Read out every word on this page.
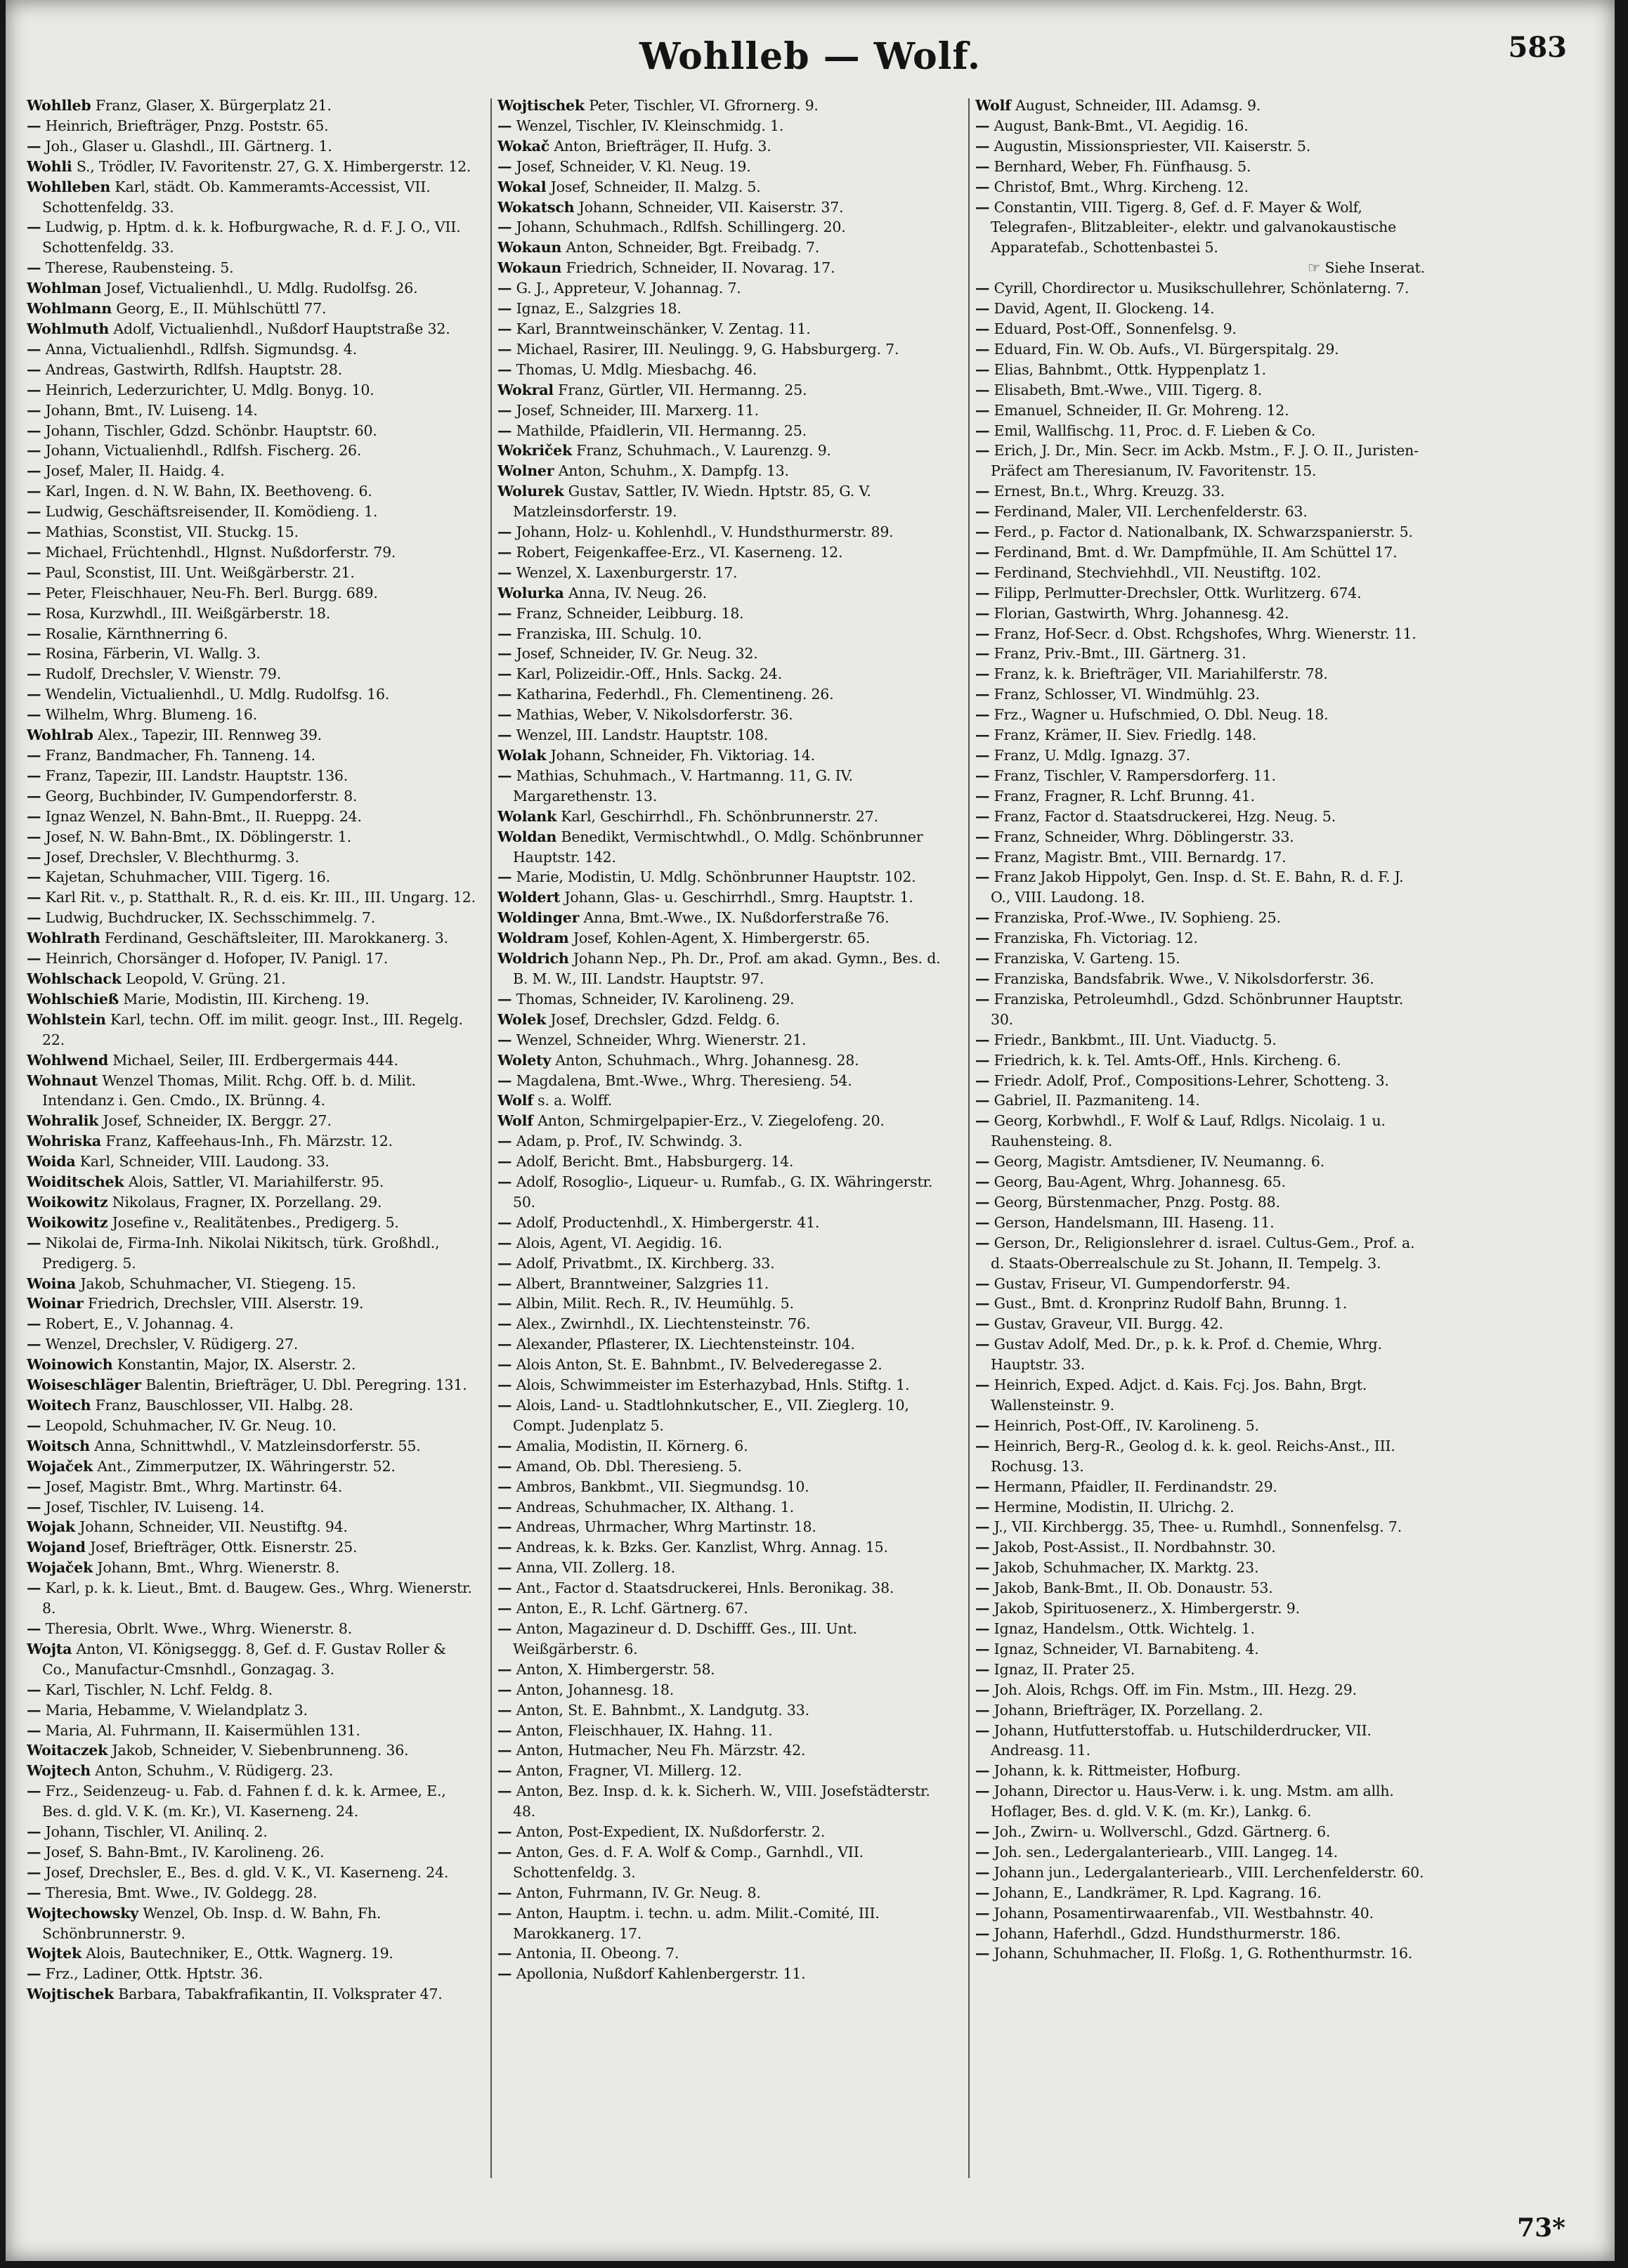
Wohlleb — Wolf.	583
Wohlleb Franz, Glaser, X. Bürgerplatz 21.
— Heinrich, Briefträger, Pnzg. Poststr. 65.
— Joh., Glaser u. Glashdl., III. Gärtnerg. 1.
Wohli S., Trödler, IV. Favoritenstr. 27, G. X. Himbergerstr. 12.
Wohlleben Karl, städt. Ob. Kammeramts-Accessist, VII. Schottenfeldg. 33.
— Ludwig, p. Hptm. d. k. k. Hofburgwache, R. d. F. J. O., VII. Schottenfeldg. 33.
— Therese, Raubensteing. 5.
Wohlman Josef, Victualienhdl., U. Mdlg. Rudolfsg. 26.
Wohlmann Georg, E., II. Mühlschüttl 77.
Wohlmuth Adolf, Victualienhdl., Nußdorf Hauptstraße 32.
— Anna, Victualienhdl., Rdlfsh. Sigmundsg. 4.
— Andreas, Gastwirth, Rdlfsh. Hauptstr. 28.
— Heinrich, Lederzurichter, U. Mdlg. Bonyg. 10.
— Johann, Bmt., IV. Luiseng. 14.
— Johann, Tischler, Gdzd. Schönbr. Hauptstr. 60.
— Johann, Victualienhdl., Rdlfsh. Fischerg. 26.
— Josef, Maler, II. Haidg. 4.
— Karl, Ingen. d. N. W. Bahn, IX. Beethoveng. 6.
— Ludwig, Geschäftsreisender, II. Komödieng. 1.
— Mathias, Sconstist, VII. Stuckg. 15.
— Michael, Früchtenhdl., Hlgnst. Nußdorferstr. 79.
— Paul, Sconstist, III. Unt. Weißgärberstr. 21.
— Peter, Fleischhauer, Neu-Fh. Berl. Burgg. 689.
— Rosa, Kurzwhdl., III. Weißgärberstr. 18.
— Rosalie, Kärnthnerring 6.
— Rosina, Färberin, VI. Wallg. 3.
— Rudolf, Drechsler, V. Wienstr. 79.
— Wendelin, Victualienhdl., U. Mdlg. Rudolfsg. 16.
— Wilhelm, Whrg. Blumeng. 16.
Wohlrab Alex., Tapezir, III. Rennweg 39.
— Franz, Bandmacher, Fh. Tanneng. 14.
— Franz, Tapezir, III. Landstr. Hauptstr. 136.
— Georg, Buchbinder, IV. Gumpendorferstr. 8.
— Ignaz Wenzel, N. Bahn-Bmt., II. Rueppg. 24.
— Josef, N. W. Bahn-Bmt., IX. Döblingerstr. 1.
— Josef, Drechsler, V. Blechthurmg. 3.
— Kajetan, Schuhmacher, VIII. Tigerg. 16.
— Karl Rit. v., p. Statthalt. R., R. d. eis. Kr. III., III. Ungarg. 12.
— Ludwig, Buchdrucker, IX. Sechsschimmelg. 7.
Wohlrath Ferdinand, Geschäftsleiter, III. Marokkanerg. 3.
— Heinrich, Chorsänger d. Hofoper, IV. Panigl. 17.
Wohlschack Leopold, V. Grüng. 21.
Wohlschieß Marie, Modistin, III. Kircheng. 19.
Wohlstein Karl, techn. Off. im milit. geogr. Inst., III. Regelg. 22.
Wohlwend Michael, Seiler, III. Erdbergermais 444.
Wohnaut Wenzel Thomas, Milit. Rchg. Off. b. d. Milit. Intendanz i. Gen. Cmdo., IX. Brünng. 4.
Wohralik Josef, Schneider, IX. Berggr. 27.
Wohriska Franz, Kaffeehaus-Inh., Fh. Märzstr. 12.
Woida Karl, Schneider, VIII. Laudong. 33.
Woiditschek Alois, Sattler, VI. Mariahilferstr. 95.
Woikowitz Nikolaus, Fragner, IX. Porzellang. 29.
Woikowitz Josefine v., Realitätenbes., Predigerg. 5.
— Nikolai de, Firma-Inh. Nikolai Nikitsch, türk. Großhdl., Predigerg. 5.
Woina Jakob, Schuhmacher, VI. Stiegeng. 15.
Woinar Friedrich, Drechsler, VIII. Alserstr. 19.
— Robert, E., V. Johannag. 4.
— Wenzel, Drechsler, V. Rüdigerg. 27.
Woinowich Konstantin, Major, IX. Alserstr. 2.
Woiseschläger Balentin, Briefträger, U. Dbl. Peregring. 131.
Woitech Franz, Bauschlosser, VII. Halbg. 28.
— Leopold, Schuhmacher, IV. Gr. Neug. 10.
Woitsch Anna, Schnittwhdl., V. Matzleinsdorferstr. 55.
Wojaček Ant., Zimmerputzer, IX. Währingerstr. 52.
— Josef, Magistr. Bmt., Whrg. Martinstr. 64.
— Josef, Tischler, IV. Luiseng. 14.
Wojak Johann, Schneider, VII. Neustiftg. 94.
Wojand Josef, Briefträger, Ottk. Eisnerstr. 25.
Wojaček Johann, Bmt., Whrg. Wienerstr. 8.
— Karl, p. k. k. Lieut., Bmt. d. Baugew. Ges., Whrg. Wienerstr. 8.
— Theresia, Obrlt. Wwe., Whrg. Wienerstr. 8.
Wojta Anton, VI. Königseggg. 8, Gef. d. F. Gustav Roller & Co., Manufactur-Cmsnhdl., Gonzagag. 3.
— Karl, Tischler, N. Lchf. Feldg. 8.
— Maria, Hebamme, V. Wielandplatz 3.
— Maria, Al. Fuhrmann, II. Kaisermühlen 131.
Woitaczek Jakob, Schneider, V. Siebenbrunneng. 36.
Wojtech Anton, Schuhm., V. Rüdigerg. 23.
— Frz., Seidenzeug- u. Fab. d. Fahnen f. d. k. k. Armee, E., Bes. d. gld. V. K. (m. Kr.), VI. Kaserneng. 24.
— Johann, Tischler, VI. Anilinq. 2.
— Josef, S. Bahn-Bmt., IV. Karolineng. 26.
— Josef, Drechsler, E., Bes. d. gld. V. K., VI. Kaserneng. 24.
— Theresia, Bmt. Wwe., IV. Goldegg. 28.
Wojtechowsky Wenzel, Ob. Insp. d. W. Bahn, Fh. Schönbrunnerstr. 9.
Wojtek Alois, Bautechniker, E., Ottk. Wagnerg. 19.
— Frz., Ladiner, Ottk. Hptstr. 36.
Wojtischek Barbara, Tabakfrafikantin, II. Volksprater 47.
Wojtischek Peter, Tischler, VI. Gfrornerg. 9.
— Wenzel, Tischler, IV. Kleinschmidg. 1.
Wokač Anton, Briefträger, II. Hufg. 3.
— Josef, Schneider, V. Kl. Neug. 19.
Wokal Josef, Schneider, II. Malzg. 5.
Wokatsch Johann, Schneider, VII. Kaiserstr. 37.
— Johann, Schuhmach., Rdlfsh. Schillingerg. 20.
Wokaun Anton, Schneider, Bgt. Freibadg. 7.
Wokaun Friedrich, Schneider, II. Novarag. 17.
— G. J., Appreteur, V. Johannag. 7.
— Ignaz, E., Salzgries 18.
— Karl, Branntweinschänker, V. Zentag. 11.
— Michael, Rasirer, III. Neulingg. 9, G. Habsburgerg. 7.
— Thomas, U. Mdlg. Miesbachg. 46.
Wokral Franz, Gürtler, VII. Hermanng. 25.
— Josef, Schneider, III. Marxerg. 11.
— Mathilde, Pfaidlerin, VII. Hermanng. 25.
Wokriček Franz, Schuhmach., V. Laurenzg. 9.
Wolner Anton, Schuhm., X. Dampfg. 13.
Wolurek Gustav, Sattler, IV. Wiedn. Hptstr. 85, G. V. Matzleinsdorferstr. 19.
— Johann, Holz- u. Kohlenhdl., V. Hundsthurmerstr. 89.
— Robert, Feigenkaffee-Erz., VI. Kaserneng. 12.
— Wenzel, X. Laxenburgerstr. 17.
Wolurka Anna, IV. Neug. 26.
— Franz, Schneider, Leibburg. 18.
— Franziska, III. Schulg. 10.
— Josef, Schneider, IV. Gr. Neug. 32.
— Karl, Polizeidir.-Off., Hnls. Sackg. 24.
— Katharina, Federhdl., Fh. Clementineng. 26.
— Mathias, Weber, V. Nikolsdorferstr. 36.
— Wenzel, III. Landstr. Hauptstr. 108.
Wolak Johann, Schneider, Fh. Viktoriag. 14.
— Mathias, Schuhmach., V. Hartmanng. 11, G. IV. Margarethenstr. 13.
Wolank Karl, Geschirrhdl., Fh. Schönbrunnerstr. 27.
Woldan Benedikt, Vermischtwhdl., O. Mdlg. Schönbrunner Hauptstr. 142.
— Marie, Modistin, U. Mdlg. Schönbrunner Hauptstr. 102.
Woldert Johann, Glas- u. Geschirrhdl., Smrg. Hauptstr. 1.
Woldinger Anna, Bmt.-Wwe., IX. Nußdorferstraße 76.
Woldram Josef, Kohlen-Agent, X. Himbergerstr. 65.
Woldrich Johann Nep., Ph. Dr., Prof. am akad. Gymn., Bes. d. B. M. W., III. Landstr. Hauptstr. 97.
— Thomas, Schneider, IV. Karolineng. 29.
Wolek Josef, Drechsler, Gdzd. Feldg. 6.
— Wenzel, Schneider, Whrg. Wienerstr. 21.
Wolety Anton, Schuhmach., Whrg. Johannesg. 28.
— Magdalena, Bmt.-Wwe., Whrg. Theresieng. 54.
Wolf s. a. Wolff.
Wolf Anton, Schmirgelpapier-Erz., V. Ziegelofeng. 20.
— Adam, p. Prof., IV. Schwindg. 3.
— Adolf, Bericht. Bmt., Habsburgerg. 14.
— Adolf, Rosoglio-, Liqueur- u. Rumfab., G. IX. Währingerstr. 50.
— Adolf, Productenhdl., X. Himbergerstr. 41.
— Alois, Agent, VI. Aegidig. 16.
— Adolf, Privatbmt., IX. Kirchberg. 33.
— Albert, Branntweiner, Salzgries 11.
— Albin, Milit. Rech. R., IV. Heumühlg. 5.
— Alex., Zwirnhdl., IX. Liechtensteinstr. 76.
— Alexander, Pflasterer, IX. Liechtensteinstr. 104.
— Alois Anton, St. E. Bahnbmt., IV. Belvederegasse 2.
— Alois, Schwimmeister im Esterhazybad, Hnls. Stiftg. 1.
— Alois, Land- u. Stadtlohnkutscher, E., VII. Zieglerg. 10, Compt. Judenplatz 5.
— Amalia, Modistin, II. Körnerg. 6.
— Amand, Ob. Dbl. Theresieng. 5.
— Ambros, Bankbmt., VII. Siegmundsg. 10.
— Andreas, Schuhmacher, IX. Althang. 1.
— Andreas, Uhrmacher, Whrg Martinstr. 18.
— Andreas, k. k. Bzks. Ger. Kanzlist, Whrg. Annag. 15.
— Anna, VII. Zollerg. 18.
— Ant., Factor d. Staatsdruckerei, Hnls. Beronikag. 38.
— Anton, E., R. Lchf. Gärtnerg. 67.
— Anton, Magazineur d. D. Dschifff. Ges., III. Unt. Weißgärberstr. 6.
— Anton, X. Himbergerstr. 58.
— Anton, Johannesg. 18.
— Anton, St. E. Bahnbmt., X. Landgutg. 33.
— Anton, Fleischhauer, IX. Hahng. 11.
— Anton, Hutmacher, Neu Fh. Märzstr. 42.
— Anton, Fragner, VI. Millerg. 12.
— Anton, Bez. Insp. d. k. k. Sicherh. W., VIII. Josefstädterstr. 48.
— Anton, Post-Expedient, IX. Nußdorferstr. 2.
— Anton, Ges. d. F. A. Wolf & Comp., Garnhdl., VII. Schottenfeldg. 3.
— Anton, Fuhrmann, IV. Gr. Neug. 8.
— Anton, Hauptm. i. techn. u. adm. Milit.-Comité, III. Marokkanerg. 17.
— Antonia, II. Obeong. 7.
— Apollonia, Nußdorf Kahlenbergerstr. 11.
Wolf August, Schneider, III. Adamsg. 9.
— August, Bank-Bmt., VI. Aegidig. 16.
— Augustin, Missionspriester, VII. Kaiserstr. 5.
— Bernhard, Weber, Fh. Fünfhausg. 5.
— Christof, Bmt., Whrg. Kircheng. 12.
— Constantin, VIII. Tigerg. 8, Gef. d. F. Mayer & Wolf, Telegrafen-, Blitzableiter-, elektr. und galvanokaustische Apparatefab., Schottenbastei 5.
☞ Siehe Inserat.
— Cyrill, Chordirector u. Musikschullehrer, Schönlaterng. 7.
— David, Agent, II. Glockeng. 14.
— Eduard, Post-Off., Sonnenfelsg. 9.
— Eduard, Fin. W. Ob. Aufs., VI. Bürgerspitalg. 29.
— Elias, Bahnbmt., Ottk. Hyppenplatz 1.
— Elisabeth, Bmt.-Wwe., VIII. Tigerg. 8.
— Emanuel, Schneider, II. Gr. Mohreng. 12.
— Emil, Wallfischg. 11, Proc. d. F. Lieben & Co.
— Erich, J. Dr., Min. Secr. im Ackb. Mstm., F. J. O. II., Juristen-Präfect am Theresianum, IV. Favoritenstr. 15.
— Ernest, Bn.t., Whrg. Kreuzg. 33.
— Ferdinand, Maler, VII. Lerchenfelderstr. 63.
— Ferd., p. Factor d. Nationalbank, IX. Schwarzspanierstr. 5.
— Ferdinand, Bmt. d. Wr. Dampfmühle, II. Am Schüttel 17.
— Ferdinand, Stechviehhdl., VII. Neustiftg. 102.
— Filipp, Perlmutter-Drechsler, Ottk. Wurlitzerg. 674.
— Florian, Gastwirth, Whrg. Johannesg. 42.
— Franz, Hof-Secr. d. Obst. Rchgshofes, Whrg. Wienerstr. 11.
— Franz, Priv.-Bmt., III. Gärtnerg. 31.
— Franz, k. k. Briefträger, VII. Mariahilferstr. 78.
— Franz, Schlosser, VI. Windmühlg. 23.
— Frz., Wagner u. Hufschmied, O. Dbl. Neug. 18.
— Franz, Krämer, II. Siev. Friedlg. 148.
— Franz, U. Mdlg. Ignazg. 37.
— Franz, Tischler, V. Rampersdorferg. 11.
— Franz, Fragner, R. Lchf. Brunng. 41.
— Franz, Factor d. Staatsdruckerei, Hzg. Neug. 5.
— Franz, Schneider, Whrg. Döblingerstr. 33.
— Franz, Magistr. Bmt., VIII. Bernardg. 17.
— Franz Jakob Hippolyt, Gen. Insp. d. St. E. Bahn, R. d. F. J. O., VIII. Laudong. 18.
— Franziska, Prof.-Wwe., IV. Sophieng. 25.
— Franziska, Fh. Victoriag. 12.
— Franziska, V. Garteng. 15.
— Franziska, Bandsfabrik. Wwe., V. Nikolsdorferstr. 36.
— Franziska, Petroleumhdl., Gdzd. Schönbrunner Hauptstr. 30.
— Friedr., Bankbmt., III. Unt. Viaductg. 5.
— Friedrich, k. k. Tel. Amts-Off., Hnls. Kircheng. 6.
— Friedr. Adolf, Prof., Compositions-Lehrer, Schotteng. 3.
— Gabriel, II. Pazmaniteng. 14.
— Georg, Korbwhdl., F. Wolf & Lauf, Rdlgs. Nicolaig. 1 u. Rauhensteing. 8.
— Georg, Magistr. Amtsdiener, IV. Neumanng. 6.
— Georg, Bau-Agent, Whrg. Johannesg. 65.
— Georg, Bürstenmacher, Pnzg. Postg. 88.
— Gerson, Handelsmann, III. Haseng. 11.
— Gerson, Dr., Religionslehrer d. israel. Cultus-Gem., Prof. a. d. Staats-Oberrealschule zu St. Johann, II. Tempelg. 3.
— Gustav, Friseur, VI. Gumpendorferstr. 94.
— Gust., Bmt. d. Kronprinz Rudolf Bahn, Brunng. 1.
— Gustav, Graveur, VII. Burgg. 42.
— Gustav Adolf, Med. Dr., p. k. k. Prof. d. Chemie, Whrg. Hauptstr. 33.
— Heinrich, Exped. Adjct. d. Kais. Fcj. Jos. Bahn, Brgt. Wallensteinstr. 9.
— Heinrich, Post-Off., IV. Karolineng. 5.
— Heinrich, Berg-R., Geolog d. k. k. geol. Reichs-Anst., III. Rochusg. 13.
— Hermann, Pfaidler, II. Ferdinandstr. 29.
— Hermine, Modistin, II. Ulrichg. 2.
— J., VII. Kirchbergg. 35, Thee- u. Rumhdl., Sonnenfelsg. 7.
— Jakob, Post-Assist., II. Nordbahnstr. 30.
— Jakob, Schuhmacher, IX. Marktg. 23.
— Jakob, Bank-Bmt., II. Ob. Donaustr. 53.
— Jakob, Spirituosenerz., X. Himbergerstr. 9.
— Ignaz, Handelsm., Ottk. Wichtelg. 1.
— Ignaz, Schneider, VI. Barnabiteng. 4.
— Ignaz, II. Prater 25.
— Joh. Alois, Rchgs. Off. im Fin. Mstm., III. Hezg. 29.
— Johann, Briefträger, IX. Porzellang. 2.
— Johann, Hutfutterstoffab. u. Hutschilderdrucker, VII. Andreasg. 11.
— Johann, k. k. Rittmeister, Hofburg.
— Johann, Director u. Haus-Verw. i. k. ung. Mstm. am allh. Hoflager, Bes. d. gld. V. K. (m. Kr.), Lankg. 6.
— Joh., Zwirn- u. Wollverschl., Gdzd. Gärtnerg. 6.
— Joh. sen., Ledergalanteriearb., VIII. Langeg. 14.
— Johann jun., Ledergalanteriearb., VIII. Lerchenfelderstr. 60.
— Johann, E., Landkrämer, R. Lpd. Kagrang. 16.
— Johann, Posamentirwaarenfab., VII. Westbahnstr. 40.
— Johann, Haferhdl., Gdzd. Hundsthurmerstr. 186.
— Johann, Schuhmacher, II. Floßg. 1, G. Rothenthurmstr. 16.
73*
